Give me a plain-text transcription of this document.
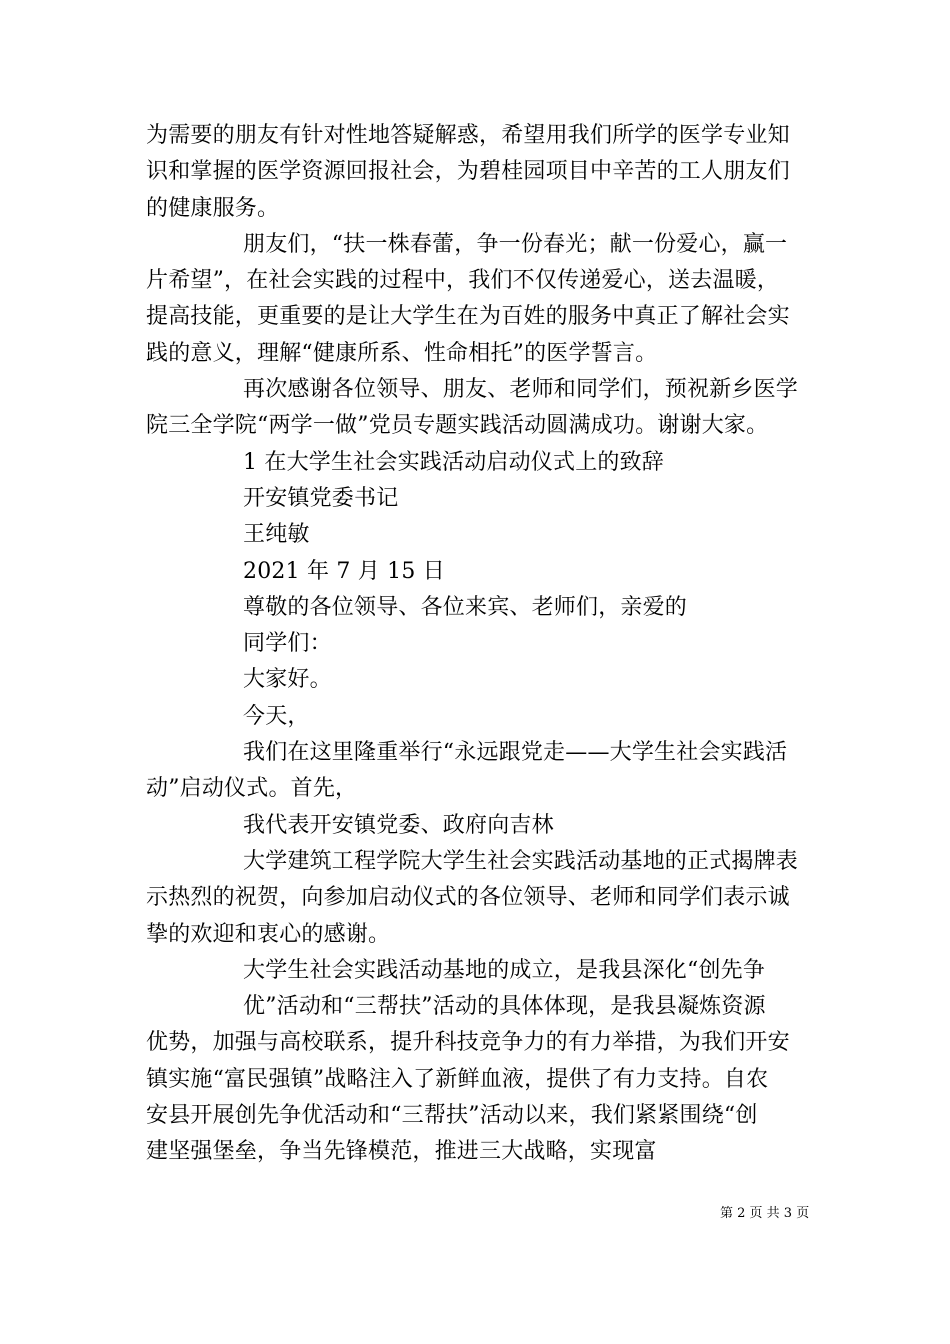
为需要的朋友有针对性地答疑解惑，希望用我们所学的医学专业知
识和掌握的医学资源回报社会，为碧桂园项目中辛苦的工人朋友们
的健康服务。
朋友们，“扶一株春蕾，争一份春光；献一份爱心，赢一
片希望”，在社会实践的过程中，我们不仅传递爱心，送去温暖，
提高技能，更重要的是让大学生在为百姓的服务中真正了解社会实
践的意义，理解“健康所系、性命相托”的医学誓言。
再次感谢各位领导、朋友、老师和同学们，预祝新乡医学
院三全学院“两学一做”党员专题实践活动圆满成功。谢谢大家。
1 在大学生社会实践活动启动仪式上的致辞
开安镇党委书记
王纯敏
2021 年 7 月 15 日
尊敬的各位领导、各位来宾、老师们，亲爱的
同学们：
大家好。
今天，
我们在这里隆重举行“永远跟党走——大学生社会实践活
动”启动仪式。首先，
我代表开安镇党委、政府向吉林
大学建筑工程学院大学生社会实践活动基地的正式揭牌表
示热烈的祝贺，向参加启动仪式的各位领导、老师和同学们表示诚
挚的欢迎和衷心的感谢。
大学生社会实践活动基地的成立，是我县深化“创先争
优”活动和“三帮扶”活动的具体体现，是我县凝炼资源
优势，加强与高校联系，提升科技竞争力的有力举措，为我们开安
镇实施“富民强镇”战略注入了新鲜血液，提供了有力支持。自农
安县开展创先争优活动和“三帮扶”活动以来，我们紧紧围绕“创
建坚强堡垒，争当先锋模范，推进三大战略，实现富
第 2 页 共 3 页
